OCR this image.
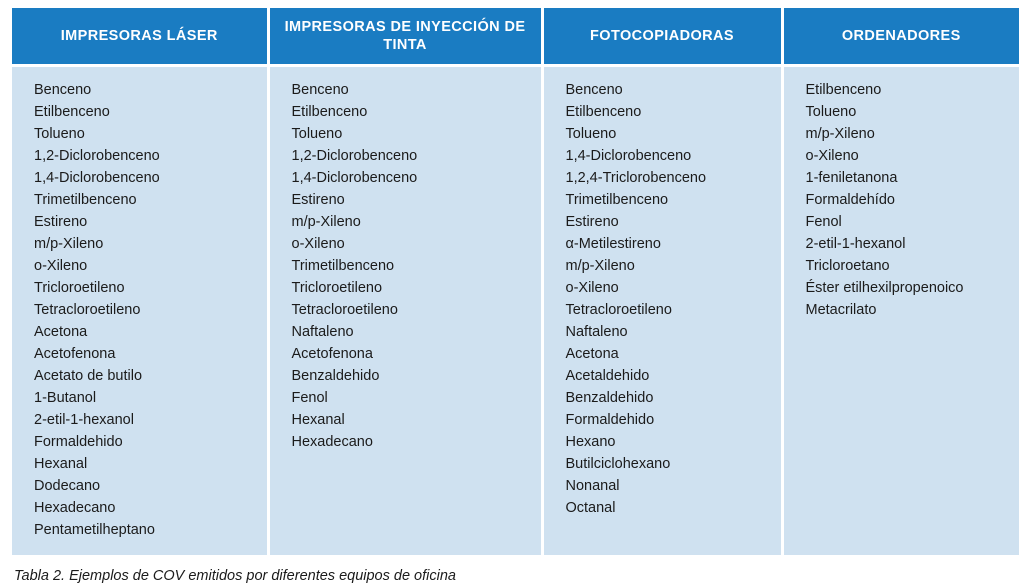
IMPRESORAS LÁSER	IMPRESORAS DE INYECCIÓN DE TINTA	FOTOCOPIADORAS	ORDENADORES

Benceno
Etilbenceno
Tolueno
1,2-Diclorobenceno
1,4-Diclorobenceno
Trimetilbenceno
Estireno
m/p-Xileno
o-Xileno
Tricloroetileno
Tetracloroetileno
Acetona
Acetofenona
Acetato de butilo
1-Butanol
2-etil-1-hexanol
Formaldehido
Hexanal
Dodecano
Hexadecano
Pentametilheptano

Benceno
Etilbenceno
Tolueno
1,2-Diclorobenceno
1,4-Diclorobenceno
Estireno
m/p-Xileno
o-Xileno
Trimetilbenceno
Tricloroetileno
Tetracloroetileno
Naftaleno
Acetofenona
Benzaldehido
Fenol
Hexanal
Hexadecano

Benceno
Etilbenceno
Tolueno
1,4-Diclorobenceno
1,2,4-Triclorobenceno
Trimetilbenceno
Estireno
α-Metilestireno
m/p-Xileno
o-Xileno
Tetracloroetileno
Naftaleno
Acetona
Acetaldehido
Benzaldehido
Formaldehido
Hexano
Butilciclohexano
Nonanal
Octanal

Etilbenceno
Tolueno
m/p-Xileno
o-Xileno
1-feniletanona
Formaldehído
Fenol
2-etil-1-hexanol
Tricloroetano
Éster etilhexilpropenoico
Metacrilato
Tabla 2. Ejemplos de COV emitidos por diferentes equipos de oficina
